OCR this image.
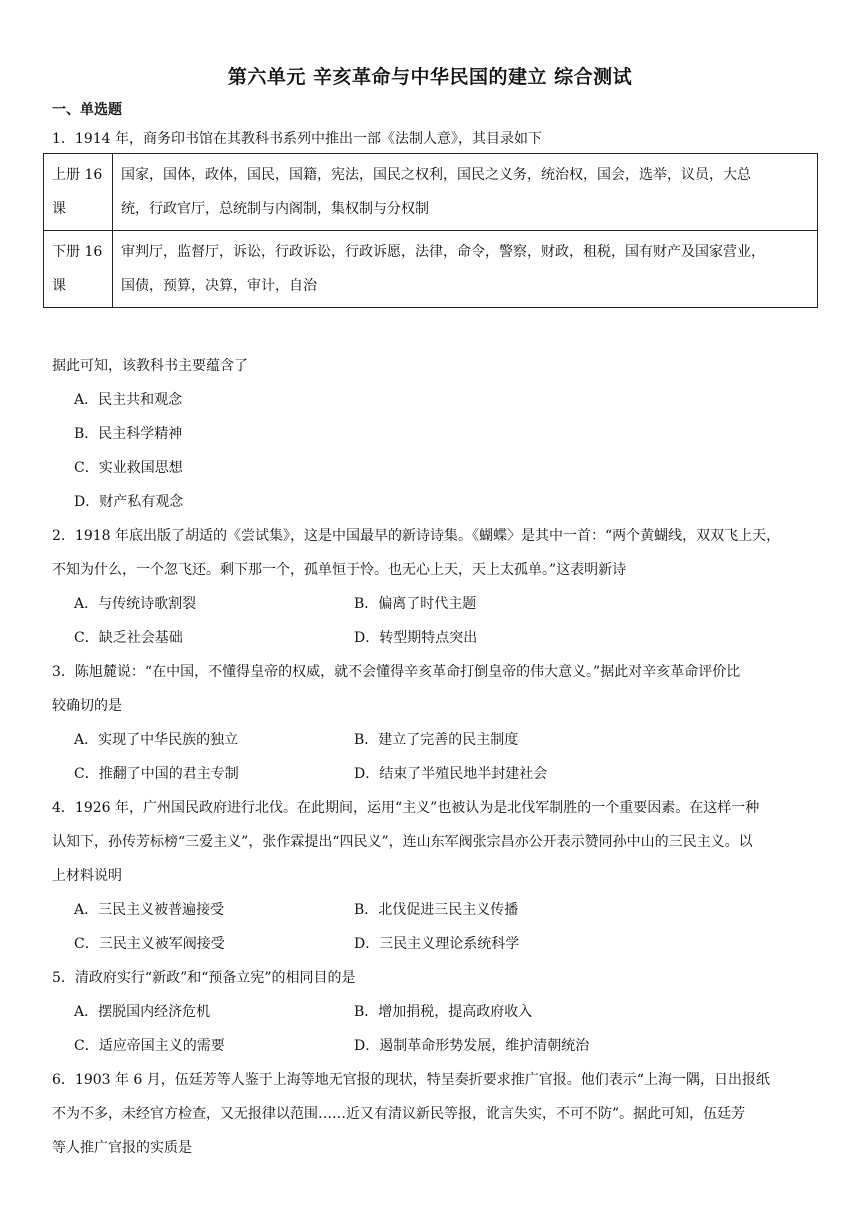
第六单元 辛亥革命与中华民国的建立 综合测试
一、单选题
1．1914 年，商务印书馆在其教科书系列中推出一部《法制人意》，其目录如下
上册 16
课	国家，国体，政体，国民，国籍，宪法，国民之权利，国民之义务，统治权，国会，选举，议员，大总
统，行政官厅，总统制与内阁制，集权制与分权制
下册 16
课	审判厅，监督厅，诉讼，行政诉讼，行政诉愿，法律，命令，警察，财政，租税，国有财产及国家营业，
国债，预算，决算，审计，自治
据此可知，该教科书主要蕴含了
A．民主共和观念
B．民主科学精神
C．实业救国思想
D．财产私有观念
2．1918 年底出版了胡适的《尝试集》，这是中国最早的新诗诗集。《蝴蝶〉是其中一首：“两个黄蝴线，双双飞上天，
不知为什么，一个忽飞还。剩下那一个，孤单恒于怜。也无心上天，天上太孤单。”这表明新诗
A．与传统诗歌割裂	B．偏离了时代主题
C．缺乏社会基础	D．转型期特点突出
3．陈旭麓说：“在中国，不懂得皇帝的权威，就不会懂得辛亥革命打倒皇帝的伟大意义。”据此对辛亥革命评价比
较确切的是
A．实现了中华民族的独立	B．建立了完善的民主制度
C．推翻了中国的君主专制	D．结束了半殖民地半封建社会
4．1926 年，广州国民政府进行北伐。在此期间，运用“主义”也被认为是北伐军制胜的一个重要因素。在这样一种
认知下，孙传芳标榜“三爱主义”，张作霖提出“四民义”，连山东军阀张宗昌亦公开表示赞同孙中山的三民主义。以
上材料说明
A．三民主义被普遍接受	B．北伐促进三民主义传播
C．三民主义被军阀接受	D．三民主义理论系统科学
5．清政府实行“新政”和“预备立宪”的相同目的是
A．摆脱国内经济危机	B．增加捐税，提高政府收入
C．适应帝国主义的需要	D．遏制革命形势发展，维护清朝统治
6．1903 年 6 月，伍廷芳等人鉴于上海等地无官报的现状，特呈奏折要求推广官报。他们表示“上海一隅，日出报纸
不为不多，未经官方检查，又无报律以范围……近又有清议新民等报，讹言失实，不可不防”。据此可知，伍廷芳
等人推广官报的实质是
